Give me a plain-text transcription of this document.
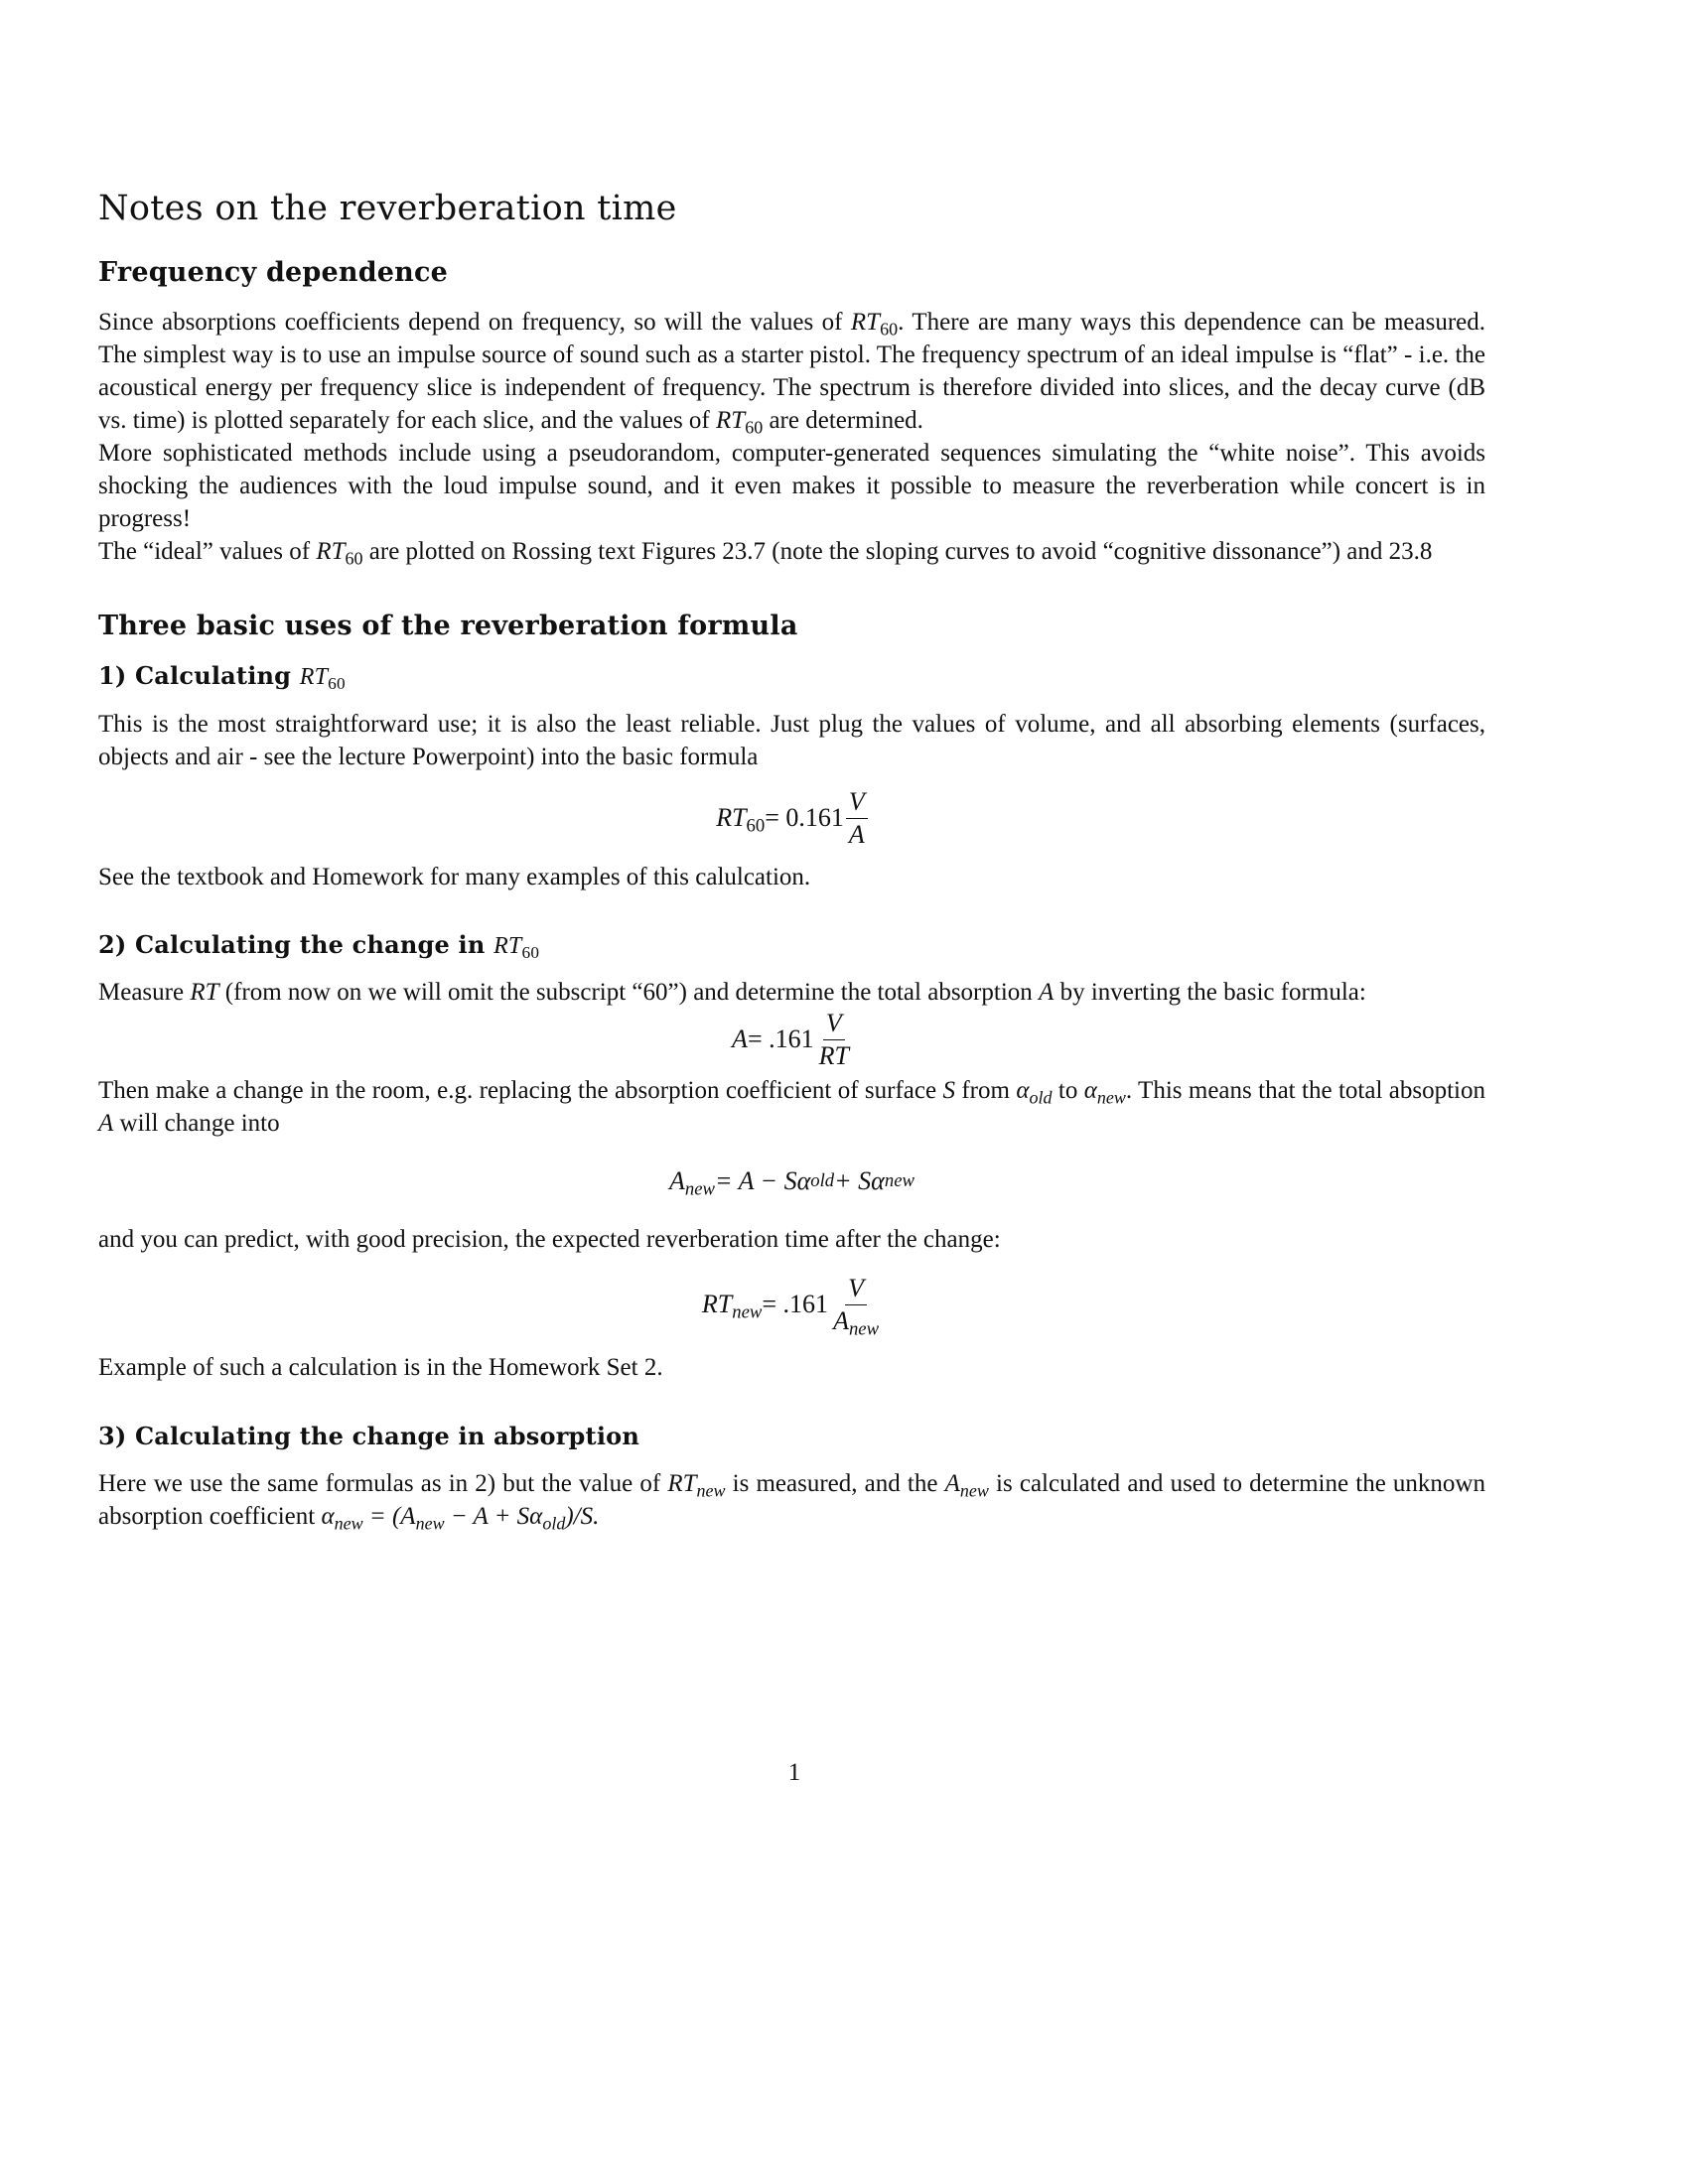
Notes on the reverberation time
Frequency dependence

Since absorptions coefficients depend on frequency, so will the values of $RT_{60}$. There are many ways this dependence can be measured. The simplest way is to use an impulse source of sound such as a starter pistol. The frequency spectrum of an ideal impulse is “flat” - i.e. the acoustical energy per frequency slice is independent of frequency. The spectrum is therefore divided into slices, and the decay curve (dB vs. time) is plotted separately for each slice, and the values of $RT_{60}$ are determined.

More sophisticated methods include using a pseudorandom, computer-generated sequences simulating the “white noise”. This avoids shocking the audiences with the loud impulse sound, and it even makes it possible to measure the reverberation while concert is in progress!

The “ideal” values of $RT_{60}$ are plotted on Rossing text Figures 23.7 (note the sloping curves to avoid “cognitive dissonance”) and 23.8

Three basic uses of the reverberation formula
1) Calculating $RT_{60}$

This is the most straightforward use; it is also the least reliable. Just plug the values of volume, and all absorbing elements (surfaces, objects and air - see the lecture Powerpoint) into the basic formula

$RT_{60} = 0.161 \frac{V}{A}$

See the textbook and Homework for many examples of this calulcation.

2) Calculating the change in $RT_{60}$

Measure RT (from now on we will omit the subscript “60”) and determine the total absorption A by inverting the basic formula:

$A = .161 \frac{V}{RT}$

Then make a change in the room, e.g. replacing the absorption coefficient of surface S from $\alpha_{old}$ to $\alpha_{new}$. This means that the total absoption A will change into

$A_{new} = A - S\alpha$ old + Sα new

and you can predict, with good precision, the expected reverberation time after the change:

$RT_{new} = .161 \frac{V}{A_{new}}$

Example of such a calculation is in the Homework Set 2.

3) Calculating the change in absorption

Here we use the same formulas as in 2) but the value of $RT_{new}$ is measured, and the $A_{new}$ is calculated and used to determine the unknown absorption coefficient $\alpha_{new} = (A_{new} - A + S\alpha_{old})/S$.

1
